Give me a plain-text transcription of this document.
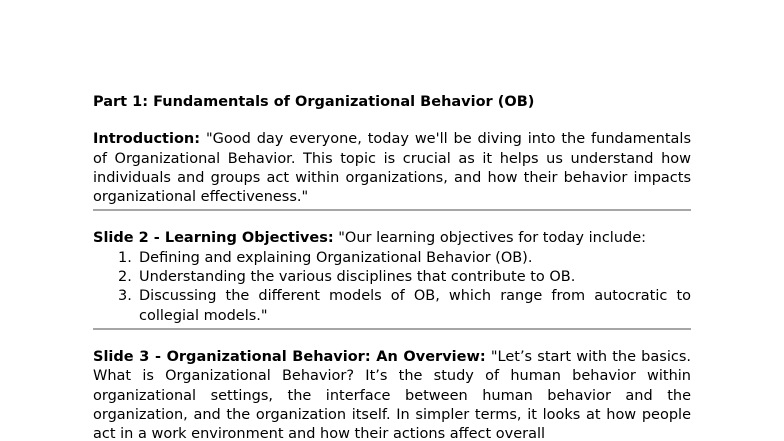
Part 1: Fundamentals of Organizational Behavior (OB)

Introduction: "Good day everyone, today we'll be diving into the fundamentals of Organizational Behavior. This topic is crucial as it helps us understand how individuals and groups act within organizations, and how their behavior impacts organizational effectiveness."

Slide 2 - Learning Objectives: "Our learning objectives for today include:

1. Defining and explaining Organizational Behavior (OB).
2. Understanding the various disciplines that contribute to OB.
3. Discussing the different models of OB, which range from autocratic to collegial models."

Slide 3 - Organizational Behavior: An Overview: "Let’s start with the basics. What is Organizational Behavior? It’s the study of human behavior within organizational settings, the interface between human behavior and the organization, and the organization itself. In simpler terms, it looks at how people act in a work environment and how their actions affect overall
